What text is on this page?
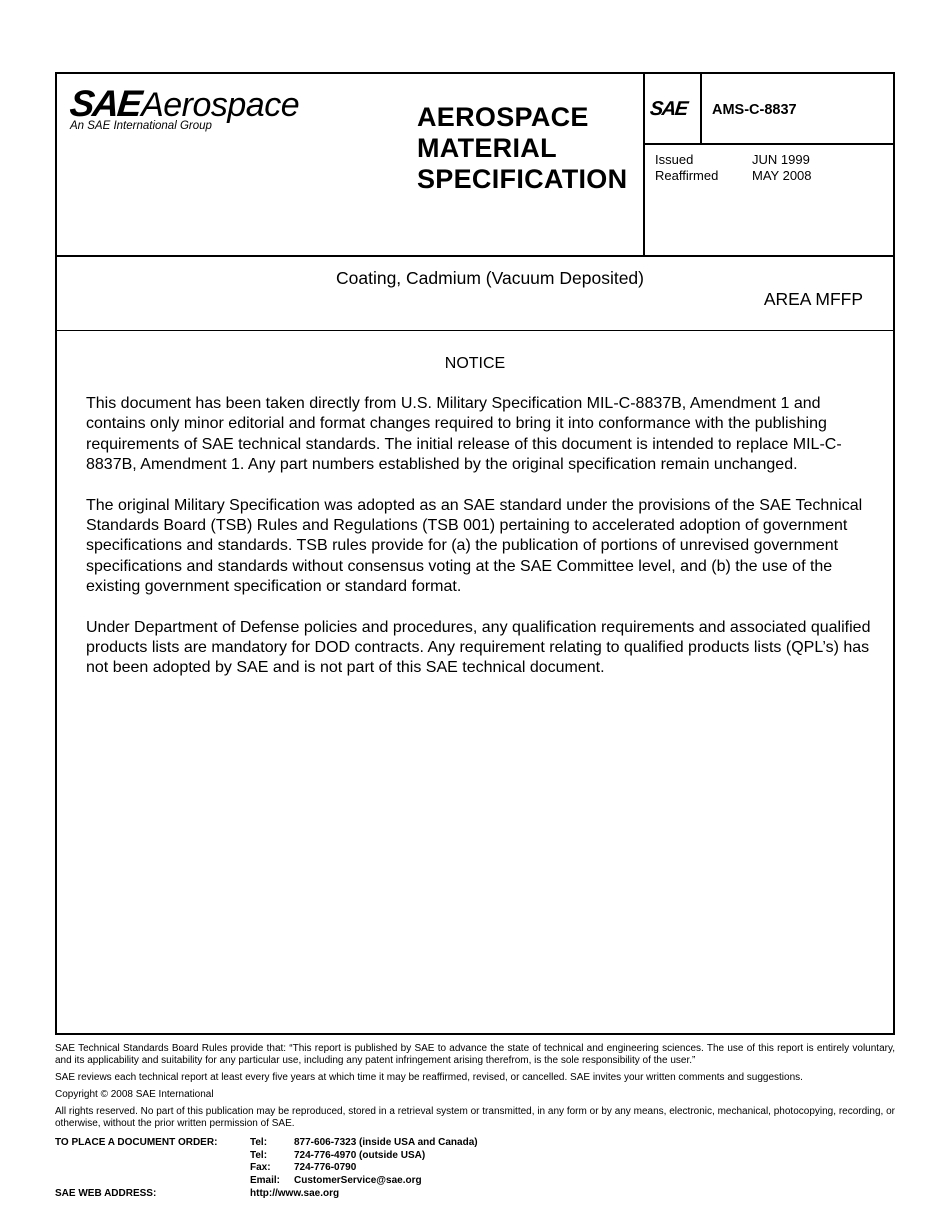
SAE
Aerospace
An SAE International Group	AEROSPACE
MATERIAL
SPECIFICATION
SAE AMS-C-8837
Issued	JUN 1999
Reaffirmed	MAY 2008
Coating, Cadmium (Vacuum Deposited)
AREA MFFP
NOTICE

This document has been taken directly from U.S. Military Specification MIL-C-8837B, Amendment 1 and contains only minor editorial and format changes required to bring it into conformance with the publishing requirements of SAE technical standards. The initial release of this document is intended to replace MIL-C-8837B, Amendment 1. Any part numbers established by the original specification remain unchanged.

The original Military Specification was adopted as an SAE standard under the provisions of the SAE Technical Standards Board (TSB) Rules and Regulations (TSB 001) pertaining to accelerated adoption of government specifications and standards. TSB rules provide for (a) the publication of portions of unrevised government specifications and standards without consensus voting at the SAE Committee level, and (b) the use of the existing government specification or standard format.

Under Department of Defense policies and procedures, any qualification requirements and associated qualified products lists are mandatory for DOD contracts. Any requirement relating to qualified products lists (QPL’s) has not been adopted by SAE and is not part of this SAE technical document.

SAE Technical Standards Board Rules provide that: “This report is published by SAE to advance the state of technical and engineering sciences. The use of this report is entirely voluntary, and its applicability and suitability for any particular use, including any patent infringement arising therefrom, is the sole responsibility of the user.”

SAE reviews each technical report at least every five years at which time it may be reaffirmed, revised, or cancelled. SAE invites your written comments and suggestions.

Copyright © 2008 SAE International

All rights reserved. No part of this publication may be reproduced, stored in a retrieval system or transmitted, in any form or by any means, electronic, mechanical, photocopying, recording, or otherwise, without the prior written permission of SAE.

TO PLACE A DOCUMENT ORDER:	Tel:	877-606-7323 (inside USA and Canada)
Tel:	724-776-4970 (outside USA)
Fax:	724-776-0790
Email:	CustomerService@sae.org
SAE WEB ADDRESS:	http://www.sae.org
